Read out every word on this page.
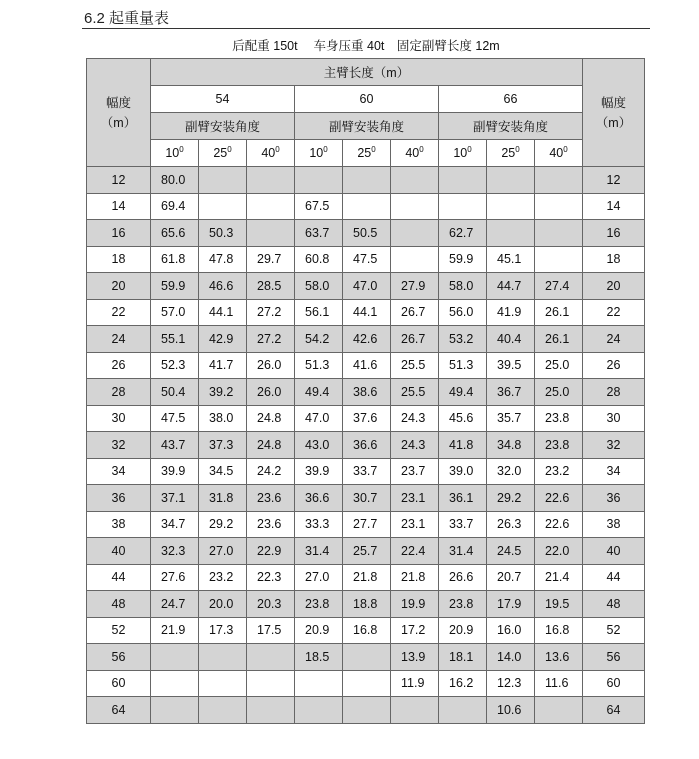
6.2 起重量表
后配重 150t　 车身压重 40t　固定副臂长度 12m
幅度
（m）	主臂长度（m）									幅度
（m）
	54			60			66			
	副臂安装角度			副臂安装角度			副臂安装角度			
	$10^0$	$25^0$	$40^0$	$10^0$	$25^0$	$40^0$	$10^0$	$25^0$	$40^0$
12	80.0									12
14	69.4			67.5						14
16	65.6	50.3		63.7	50.5		62.7			16
18	61.8	47.8	29.7	60.8	47.5		59.9	45.1		18
20	59.9	46.6	28.5	58.0	47.0	27.9	58.0	44.7	27.4	20
22	57.0	44.1	27.2	56.1	44.1	26.7	56.0	41.9	26.1	22
24	55.1	42.9	27.2	54.2	42.6	26.7	53.2	40.4	26.1	24
26	52.3	41.7	26.0	51.3	41.6	25.5	51.3	39.5	25.0	26
28	50.4	39.2	26.0	49.4	38.6	25.5	49.4	36.7	25.0	28
30	47.5	38.0	24.8	47.0	37.6	24.3	45.6	35.7	23.8	30
32	43.7	37.3	24.8	43.0	36.6	24.3	41.8	34.8	23.8	32
34	39.9	34.5	24.2	39.9	33.7	23.7	39.0	32.0	23.2	34
36	37.1	31.8	23.6	36.6	30.7	23.1	36.1	29.2	22.6	36
38	34.7	29.2	23.6	33.3	27.7	23.1	33.7	26.3	22.6	38
40	32.3	27.0	22.9	31.4	25.7	22.4	31.4	24.5	22.0	40
44	27.6	23.2	22.3	27.0	21.8	21.8	26.6	20.7	21.4	44
48	24.7	20.0	20.3	23.8	18.8	19.9	23.8	17.9	19.5	48
52	21.9	17.3	17.5	20.9	16.8	17.2	20.9	16.0	16.8	52
56				18.5		13.9	18.1	14.0	13.6	56
60						11.9	16.2	12.3	11.6	60
64								10.6		64
